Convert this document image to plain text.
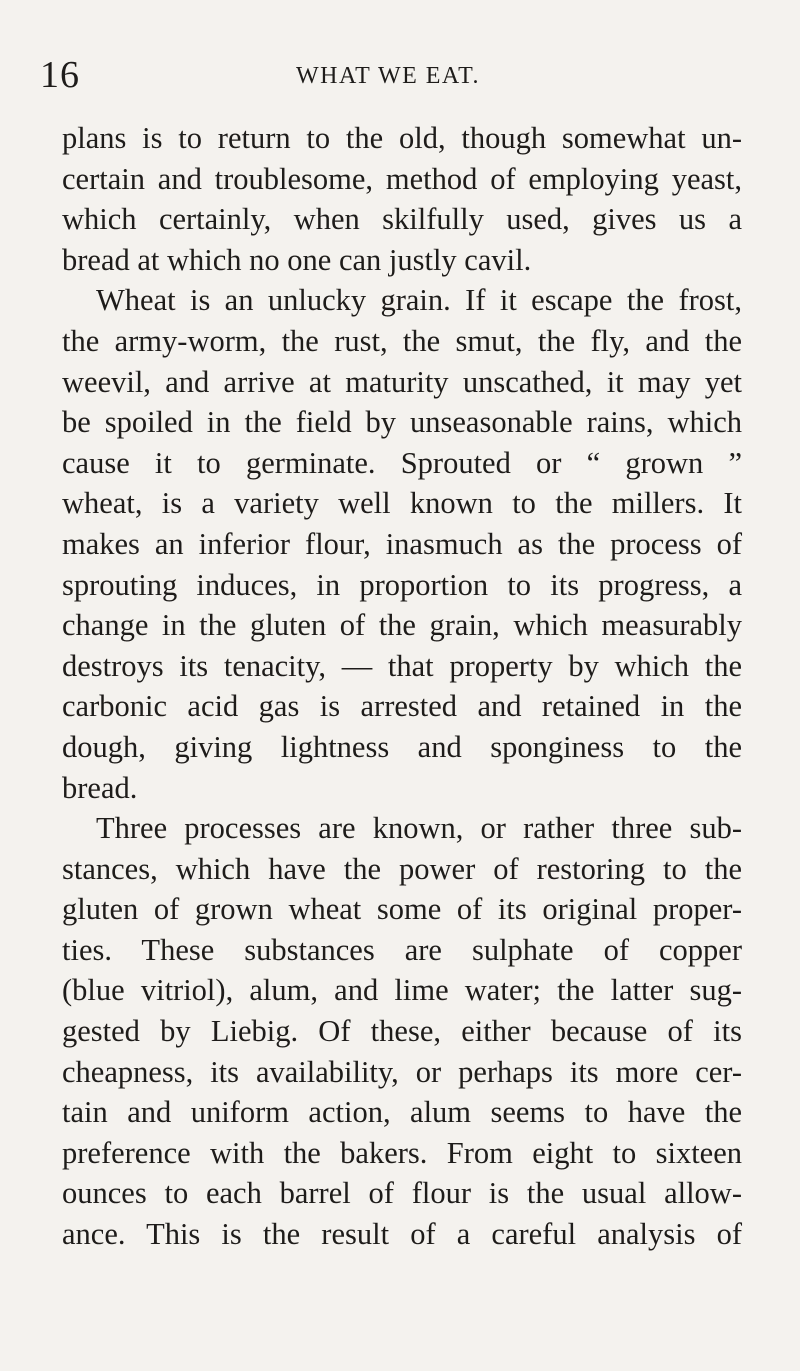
16	WHAT WE EAT.
plans is to return to the old, though somewhat un-
certain and troublesome, method of employing yeast,
which certainly, when skilfully used, gives us a
bread at which no one can justly cavil.
Wheat is an unlucky grain. If it escape the frost,
the army-worm, the rust, the smut, the fly, and the
weevil, and arrive at maturity unscathed, it may yet
be spoiled in the field by unseasonable rains, which
cause it to germinate. Sprouted or “ grown ”
wheat, is a variety well known to the millers. It
makes an inferior flour, inasmuch as the process of
sprouting induces, in proportion to its progress, a
change in the gluten of the grain, which measurably
destroys its tenacity, — that property by which the
carbonic acid gas is arrested and retained in the
dough, giving lightness and sponginess to the
bread.
Three processes are known, or rather three sub-
stances, which have the power of restoring to the
gluten of grown wheat some of its original proper-
ties. These substances are sulphate of copper
(blue vitriol), alum, and lime water; the latter sug-
gested by Liebig. Of these, either because of its
cheapness, its availability, or perhaps its more cer-
tain and uniform action, alum seems to have the
preference with the bakers. From eight to sixteen
ounces to each barrel of flour is the usual allow-
ance. This is the result of a careful analysis of
